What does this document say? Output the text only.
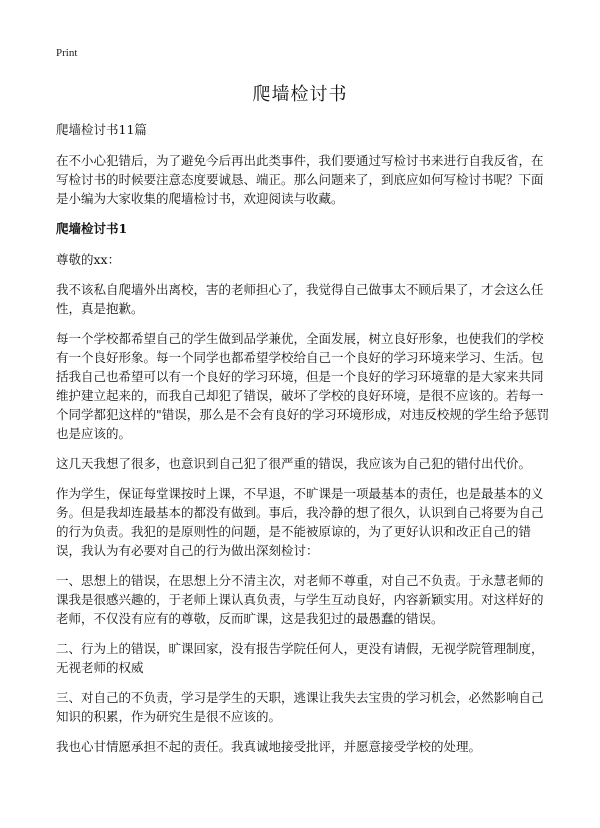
Print
爬墙检讨书

爬墙检讨书11篇

在不小心犯错后，为了避免今后再出此类事件，我们要通过写检讨书来进行自我反省，在写检讨书的时候要注意态度要诚恳、端正。那么问题来了，到底应如何写检讨书呢？下面是小编为大家收集的爬墙检讨书，欢迎阅读与收藏。

爬墙检讨书1

尊敬的xx：

我不该私自爬墙外出离校，害的老师担心了，我觉得自己做事太不顾后果了，才会这么任性，真是抱歉。

每一个学校都希望自己的学生做到品学兼优，全面发展，树立良好形象，也使我们的学校有一个良好形象。每一个同学也都希望学校给自己一个良好的学习环境来学习、生活。包括我自己也希望可以有一个良好的学习环境，但是一个良好的学习环境靠的是大家来共同维护建立起来的，而我自己却犯了错误，破坏了学校的良好环境，是很不应该的。若每一个同学都犯这样的"错误，那么是不会有良好的学习环境形成，对违反校规的学生给予惩罚也是应该的。

这几天我想了很多，也意识到自己犯了很严重的错误，我应该为自己犯的错付出代价。

作为学生，保证每堂课按时上课，不早退，不旷课是一项最基本的责任，也是最基本的义务。但是我却连最基本的都没有做到。事后，我冷静的想了很久，认识到自己将要为自己的行为负责。我犯的是原则性的问题，是不能被原谅的，为了更好认识和改正自己的错误，我认为有必要对自己的行为做出深刻检讨：

一、思想上的错误，在思想上分不清主次，对老师不尊重，对自己不负责。于永慧老师的课我是很感兴趣的，于老师上课认真负责，与学生互动良好，内容新颖实用。对这样好的老师，不仅没有应有的尊敬，反而旷课，这是我犯过的最愚蠢的错误。

二、行为上的错误，旷课回家，没有报告学院任何人，更没有请假，无视学院管理制度，无视老师的权威

三、对自己的不负责，学习是学生的天职，逃课让我失去宝贵的学习机会，必然影响自己知识的积累，作为研究生是很不应该的。

我也心甘情愿承担不起的责任。我真诚地接受批评，并愿意接受学校的处理。
